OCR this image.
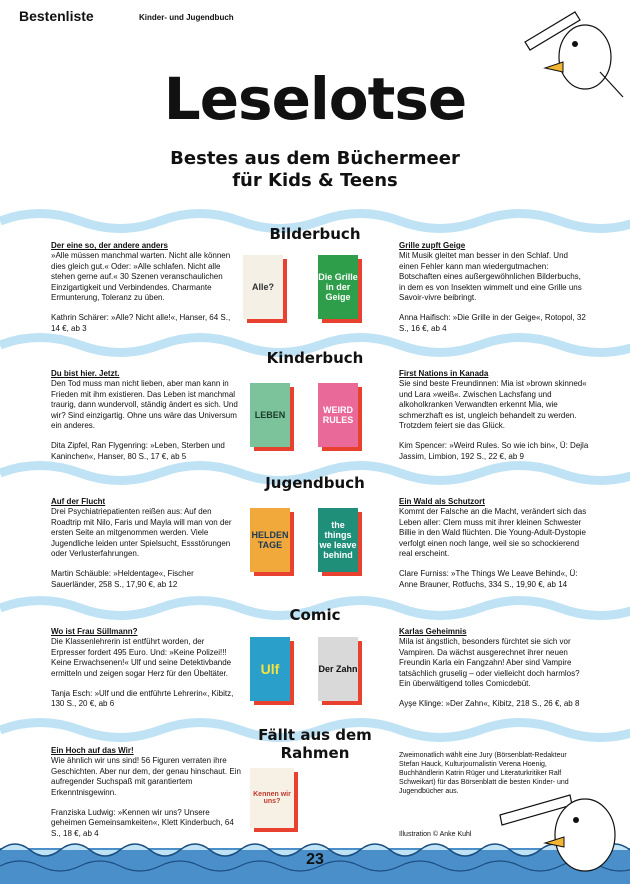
Bestenliste	Kinder- und Jugendbuch
Leselotse
Bestes aus dem Büchermeer
für Kids & Teens
Bilderbuch
Der eine so, der andere anders
»Alle müssen manchmal warten. Nicht alle können dies gleich gut.« Oder: »Alle schlafen. Nicht alle stehen gerne auf.« 30 Szenen veranschaulichen Einzigartigkeit und Verbindendes. Charmante Ermunterung, Toleranz zu üben.
Kathrin Schärer: »Alle? Nicht alle!«, Hanser, 64 S., 14 €, ab 3
Alle?
Die Grille in der Geige
Grille zupft Geige
Mit Musik gleitet man besser in den Schlaf. Und einen Fehler kann man wiedergutmachen: Botschaften eines außergewöhnlichen Bilderbuchs, in dem es von Insekten wimmelt und eine Grille uns Savoir-vivre beibringt.
Anna Haifisch: »Die Grille in der Geige«, Rotopol, 32 S., 16 €, ab 4
Kinderbuch
Du bist hier. Jetzt.
Den Tod muss man nicht lieben, aber man kann in Frieden mit ihm existieren. Das Leben ist manchmal traurig, dann wundervoll, ständig ändert es sich. Und wir? Sind einzigartig. Ohne uns wäre das Universum ein anderes.
Dita Zipfel, Ran Flygenring: »Leben, Sterben und Kaninchen«, Hanser, 80 S., 17 €, ab 5
LEBEN	WEIRD RULES
First Nations in Kanada
Sie sind beste Freundinnen: Mia ist »brown skinned« und Lara »weiß«. Zwischen Lachsfang und alkoholkranken Verwandten erkennt Mia, wie schmerzhaft es ist, ungleich behandelt zu werden. Trotzdem feiert sie das Glück.
Kim Spencer: »Weird Rules. So wie ich bin«, Ü: Dejla Jassim, Limbion, 192 S., 22 €, ab 9
Jugendbuch
Auf der Flucht
Drei Psychiatriepatienten reißen aus: Auf den Roadtrip mit Nilo, Faris und Mayla will man von der ersten Seite an mitgenommen werden. Viele Jugendliche leiden unter Spielsucht, Essstörungen oder Verlusterfahrungen.
Martin Schäuble: »Heldentage«, Fischer Sauerländer, 258 S., 17,90 €, ab 12
HELDEN TAGE
the things we leave behind
Ein Wald als Schutzort
Kommt der Falsche an die Macht, verändert sich das Leben aller: Clem muss mit ihrer kleinen Schwester Billie in den Wald flüchten. Die Young-Adult-Dystopie verfolgt einen noch lange, weil sie so schockierend real erscheint.
Clare Furniss: »The Things We Leave Behind«, Ü: Anne Brauner, Rotfuchs, 334 S., 19,90 €, ab 14
Comic
Wo ist Frau Süllmann?
Die Klassenlehrerin ist entführt worden, der Erpresser fordert 495 Euro. Und: »Keine Polizei!!! Keine Erwachsenen!« Ulf und seine Detektivbande ermitteln und zeigen sogar Herz für den Übeltäter.
Tanja Esch: »Ulf und die entführte Lehrerin«, Kibitz, 130 S., 20 €, ab 6
Ulf	Der Zahn
Karlas Geheimnis
Mila ist ängstlich, besonders fürchtet sie sich vor Vampiren. Da wächst ausgerechnet ihrer neuen Freundin Karla ein Fangzahn! Aber sind Vampire tatsächlich gruselig – oder vielleicht doch harmlos? Ein überwältigend tolles Comicdebüt.
Ayşe Klinge: »Der Zahn«, Kibitz, 218 S., 26 €, ab 8
Fällt aus dem
Rahmen
Ein Hoch auf das Wir!
Wie ähnlich wir uns sind! 56 Figuren verraten ihre Geschichten. Aber nur dem, der genau hinschaut. Ein aufregender Suchspaß mit garantiertem Erkenntnisgewinn.
Franziska Ludwig: »Kennen wir uns? Unsere geheimen Gemeinsamkeiten«, Klett Kinderbuch, 64 S., 18 €, ab 4
Kennen wir uns?
Zweimonatlich wählt eine Jury (Börsenblatt-Redakteur Stefan Hauck, Kulturjournalistin Verena Hoenig, Buchhändlerin Katrin Rüger und Literaturkritiker Ralf Schweikart) für das Börsenblatt die besten Kinder- und Jugendbücher aus.
Illustration © Anke Kuhl
23
